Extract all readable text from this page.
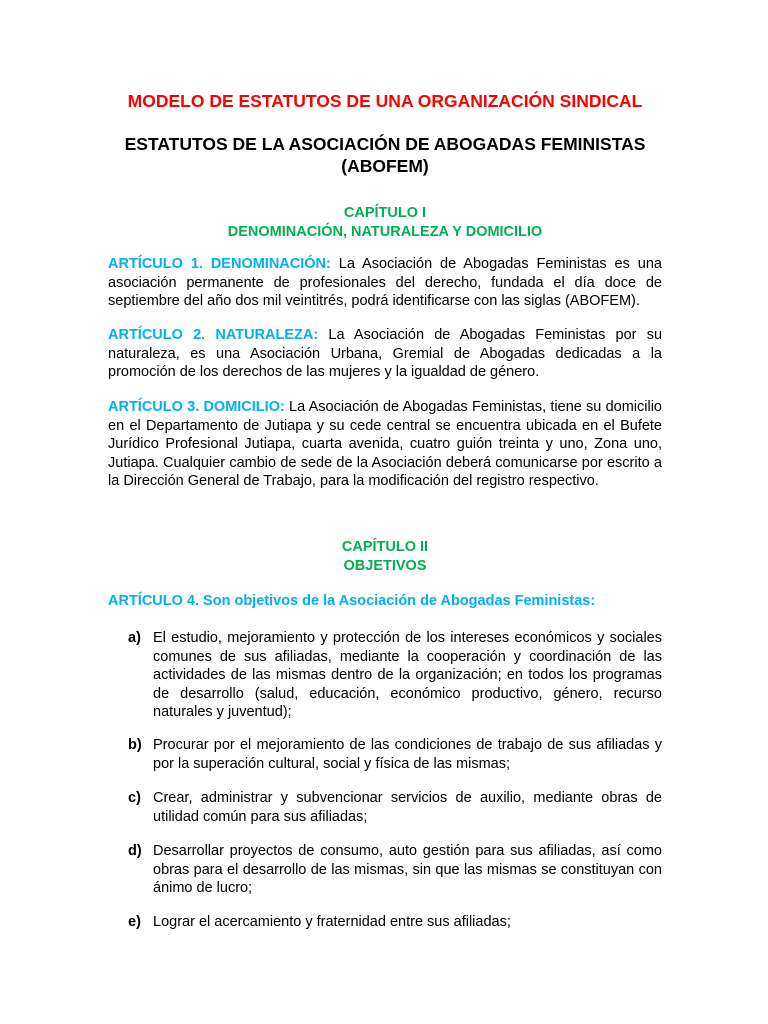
MODELO DE ESTATUTOS DE UNA ORGANIZACIÓN SINDICAL
ESTATUTOS DE LA ASOCIACIÓN DE ABOGADAS FEMINISTAS
(ABOFEM)
CAPÍTULO I
DENOMINACIÓN, NATURALEZA Y DOMICILIO

ARTÍCULO 1. DENOMINACIÓN: La Asociación de Abogadas Feministas es una asociación permanente de profesionales del derecho, fundada el día doce de septiembre del año dos mil veintitrés, podrá identificarse con las siglas (ABOFEM).

ARTÍCULO 2. NATURALEZA: La Asociación de Abogadas Feministas por su naturaleza, es una Asociación Urbana, Gremial de Abogadas dedicadas a la promoción de los derechos de las mujeres y la igualdad de género.

ARTÍCULO 3. DOMICILIO: La Asociación de Abogadas Feministas, tiene su domicilio en el Departamento de Jutiapa y su cede central se encuentra ubicada en el Bufete Jurídico Profesional Jutiapa, cuarta avenida, cuatro guión treinta y uno, Zona uno, Jutiapa. Cualquier cambio de sede de la Asociación deberá comunicarse por escrito a la Dirección General de Trabajo, para la modificación del registro respectivo.

CAPÍTULO II
OBJETIVOS

ARTÍCULO 4. Son objetivos de la Asociación de Abogadas Feministas:

a) El estudio, mejoramiento y protección de los intereses económicos y sociales comunes de sus afiliadas, mediante la cooperación y coordinación de las actividades de las mismas dentro de la organización; en todos los programas de desarrollo (salud, educación, económico productivo, género, recurso naturales y juventud);
b) Procurar por el mejoramiento de las condiciones de trabajo de sus afiliadas y por la superación cultural, social y física de las mismas;
c) Crear, administrar y subvencionar servicios de auxilio, mediante obras de utilidad común para sus afiliadas;
d) Desarrollar proyectos de consumo, auto gestión para sus afiliadas, así como obras para el desarrollo de las mismas, sin que las mismas se constituyan con ánimo de lucro;
e) Lograr el acercamiento y fraternidad entre sus afiliadas;
